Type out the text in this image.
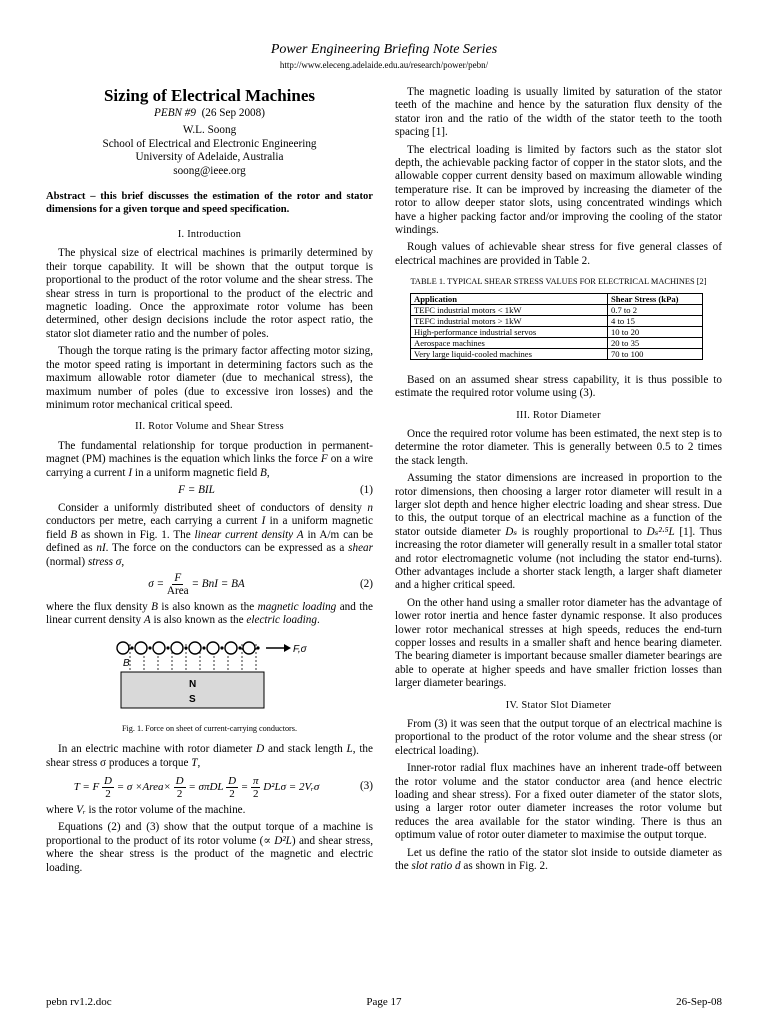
Power Engineering Briefing Note Series
http://www.eleceng.adelaide.edu.au/research/power/pebn/
Sizing of Electrical Machines

PEBN #9 (26 Sep 2008)

W.L. Soong

School of Electrical and Electronic Engineering

University of Adelaide, Australia

soong@ieee.org

Abstract – this brief discusses the estimation of the rotor and stator dimensions for a given torque and speed specification.

I. Introduction

The physical size of electrical machines is primarily determined by their torque capability. It will be shown that the output torque is proportional to the product of the rotor volume and the shear stress. The shear stress in turn is proportional to the product of the electric and magnetic loading. Once the approximate rotor volume has been determined, other design decisions include the rotor aspect ratio, the stator slot diameter ratio and the number of poles.

Though the torque rating is the primary factor affecting motor sizing, the motor speed rating is important in determining factors such as the maximum allowable rotor diameter (due to mechanical stress), the maximum number of poles (due to excessive iron losses) and the minimum rotor mechanical critical speed.

II. Rotor Volume and Shear Stress

The fundamental relationship for torque production in permanent-magnet (PM) machines is the equation which links the force F on a wire carrying a current I in a uniform magnetic field B,

F = BIL	(1)

Consider a uniformly distributed sheet of conductors of density n conductors per metre, each carrying a current I in a uniform magnetic field B as shown in Fig. 1. The linear current density A in A/m can be defined as nI. The force on the conductors can be expressed as a shear (normal) stress σ,

$\sigma = \frac{F}{\text{Area}}$ = BnI = BA	(2)

where the flux density B is also known as the magnetic loading and the linear current density A is also known as the electric loading.

F,σ
B
N
S
Fig. 1. Force on sheet of current-carrying conductors.

In an electric machine with rotor diameter D and stack length L, the shear stress σ produces a torque T,

T = F $\frac{D}{2} = \sigma$ ×Area× $\frac{D}{2} = \sigma\pi DL \frac{D}{2} = \frac{\pi}{2} D^2L\sigma$ = 2Vᵣσ	(3)

where Vᵣ is the rotor volume of the machine.

Equations (2) and (3) show that the output torque of a machine is proportional to the product of its rotor volume (∝ D²L) and shear stress, where the shear stress is the product of the magnetic and electric loading.

The magnetic loading is usually limited by saturation of the stator teeth of the machine and hence by the saturation flux density of the stator iron and the ratio of the width of the stator teeth to the tooth spacing [1].

The electrical loading is limited by factors such as the stator slot depth, the achievable packing factor of copper in the stator slots, and the allowable copper current density based on maximum allowable winding temperature rise. It can be improved by increasing the diameter of the rotor to allow deeper stator slots, using concentrated windings which have a higher packing factor and/or improving the cooling of the stator windings.

Rough values of achievable shear stress for five general classes of electrical machines are provided in Table 2.

TABLE 1. TYPICAL SHEAR STRESS VALUES FOR ELECTRICAL MACHINES [2]
Application	Shear Stress (kPa)
TEFC industrial motors < 1kW	0.7 to 2
TEFC industrial motors > 1kW	4 to 15
High-performance industrial servos	10 to 20
Aerospace machines	20 to 35
Very large liquid-cooled machines	70 to 100

Based on an assumed shear stress capability, it is thus possible to estimate the required rotor volume using (3).

III. Rotor Diameter

Once the required rotor volume has been estimated, the next step is to determine the rotor diameter. This is generally between 0.5 to 2 times the stack length.

Assuming the stator dimensions are increased in proportion to the rotor dimensions, then choosing a larger rotor diameter will result in a larger slot depth and hence higher electric loading and shear stress. Due to this, the output torque of an electrical machine as a function of the stator outside diameter Dₛ is roughly proportional to Dₛ²·⁵L [1]. Thus increasing the rotor diameter will generally result in a smaller total stator and rotor electromagnetic volume (not including the stator end-turns). Other advantages include a shorter stack length, a larger shaft diameter and a higher critical speed.

On the other hand using a smaller rotor diameter has the advantage of lower rotor inertia and hence faster dynamic response. It also produces lower rotor mechanical stresses at high speeds, reduces the end-turn copper losses and results in a smaller shaft and hence bearing diameter. The bearing diameter is important because smaller diameter bearings are able to operate at higher speeds and have smaller friction losses than larger diameter bearings.

IV. Stator Slot Diameter

From (3) it was seen that the output torque of an electrical machine is proportional to the product of the rotor volume and the shear stress (or electrical loading).

Inner-rotor radial flux machines have an inherent trade-off between the rotor volume and the stator conductor area (and hence electric loading and shear stress). For a fixed outer diameter of the stator slots, using a larger rotor outer diameter increases the rotor volume but reduces the area available for the stator winding. There is thus an optimum value of rotor outer diameter to maximise the output torque.

Let us define the ratio of the stator slot inside to outside diameter as the slot ratio d as shown in Fig. 2.

pebn rv1.2.doc	Page 17	26-Sep-08
